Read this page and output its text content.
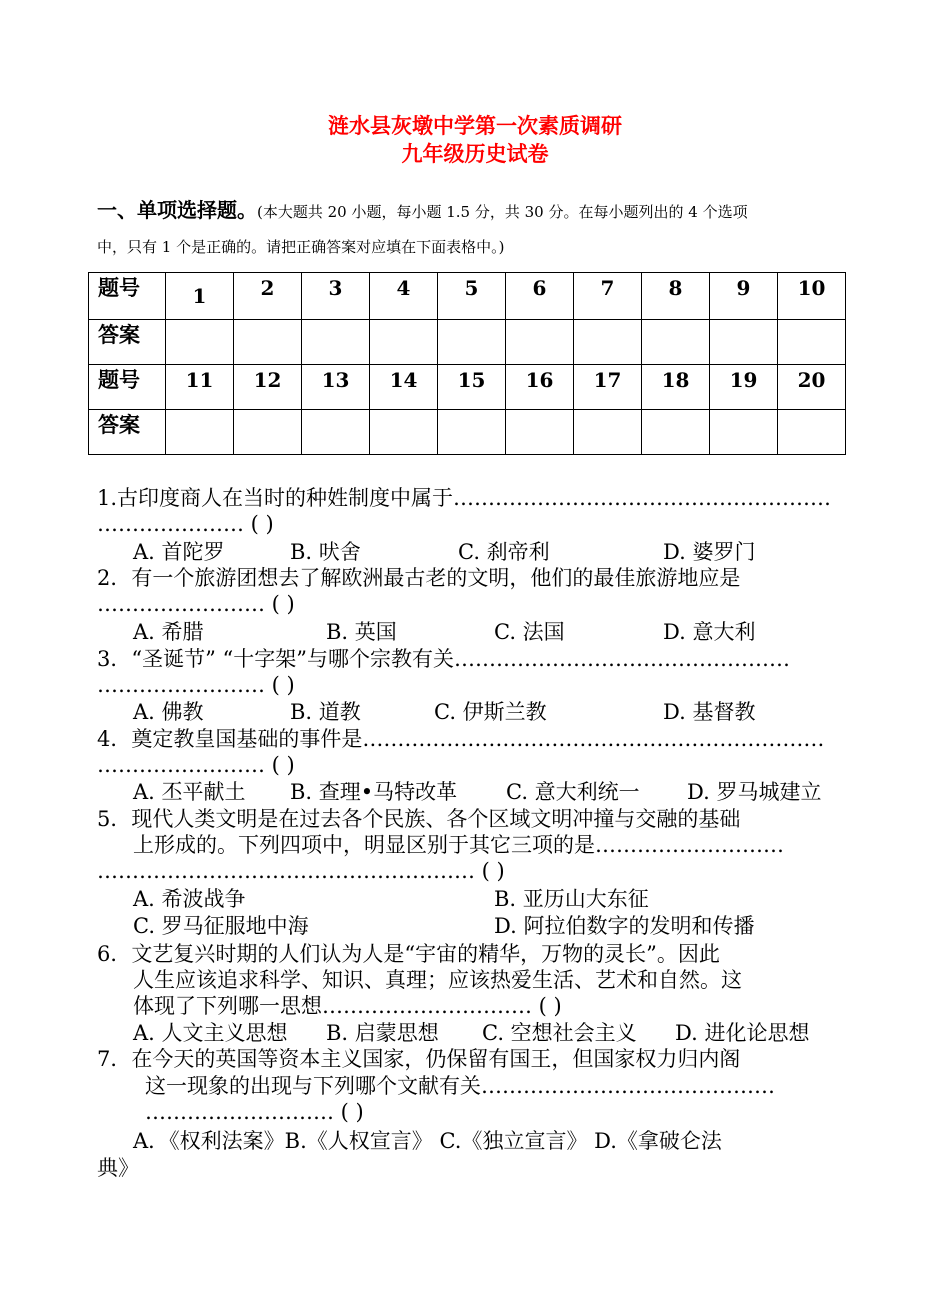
涟水县灰墩中学第一次素质调研
九年级历史试卷
一、单项选择题。(本大题共 20 小题，每小题 1.5 分，共 30 分。在每小题列出的 4 个选项
中，只有 1 个是正确的。请把正确答案对应填在下面表格中。)
题号	1	2	3	4	5	6	7	8	9	10
答案										
题号	11	12	13	14	15	16	17	18	19	20
答案										
1.古印度商人在当时的种姓制度中属于………………………………………………
………………… ( )
A. 首陀罗	B. 吠舍	C. 刹帝利	D. 婆罗门
2．有一个旅游团想去了解欧洲最古老的文明，他们的最佳旅游地应是
…………………… ( )
A. 希腊	B. 英国	C. 法国	D. 意大利
3．“圣诞节” “十字架”与哪个宗教有关…………………………………………
…………………… ( )
A. 佛教	B. 道教	C. 伊斯兰教	D. 基督教
4．奠定教皇国基础的事件是…………………………………………………………
…………………… ( )
A. 丕平献土 B. 查理•马特改革 C. 意大利统一 D. 罗马城建立
5．现代人类文明是在过去各个民族、各个区域文明冲撞与交融的基础
上形成的。下列四项中，明显区别于其它三项的是………………………
……………………………………………… ( )
A. 希波战争	B. 亚历山大东征
C. 罗马征服地中海	D. 阿拉伯数字的发明和传播
6．文艺复兴时期的人们认为人是“宇宙的精华，万物的灵长”。因此
人生应该追求科学、知识、真理；应该热爱生活、艺术和自然。这
体现了下列哪一思想………………………… ( )
A. 人文主义思想 B. 启蒙思想 C. 空想社会主义 D. 进化论思想
7．在今天的英国等资本主义国家，仍保留有国王，但国家权力归内阁
这一现象的出现与下列哪个文献有关……………………………………
……………………… ( )
A．《权利法案》B.《人权宣言》 C.《独立宣言》 D.《拿破仑法
典》
